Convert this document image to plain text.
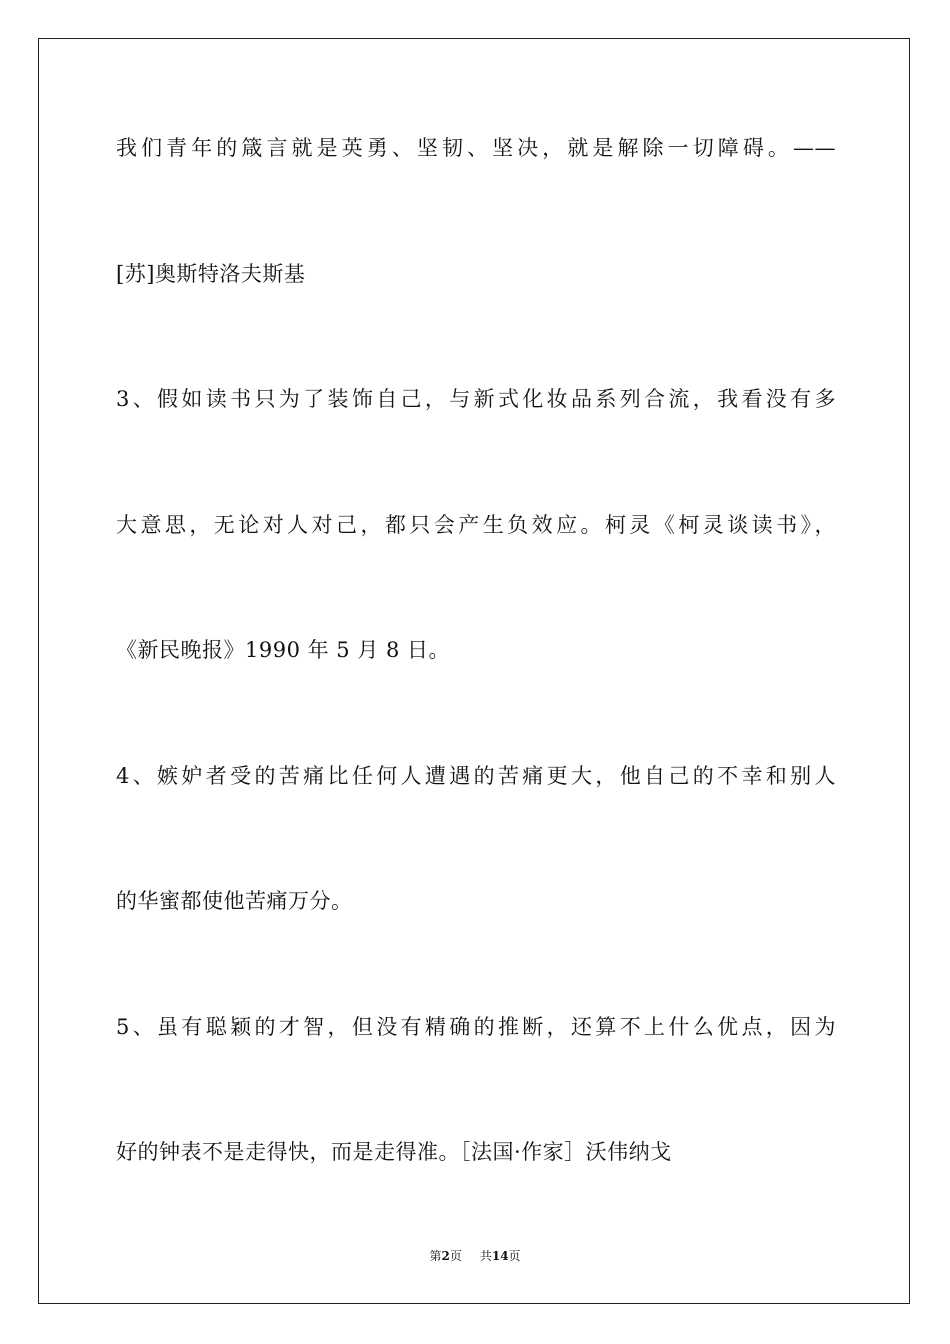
我们青年的箴言就是英勇、坚韧、坚决，就是解除一切障碍。——
[苏]奥斯特洛夫斯基
3、假如读书只为了装饰自己，与新式化妆品系列合流，我看没有多
大意思，无论对人对己，都只会产生负效应。柯灵《柯灵谈读书》，
《新民晚报》1990 年 5 月 8 日。
4、嫉妒者受的苦痛比任何人遭遇的苦痛更大，他自己的不幸和别人
的华蜜都使他苦痛万分。
5、虽有聪颖的才智，但没有精确的推断，还算不上什么优点，因为
好的钟表不是走得快，而是走得准。［法国·作家］沃伟纳戈
第2页 共14页
